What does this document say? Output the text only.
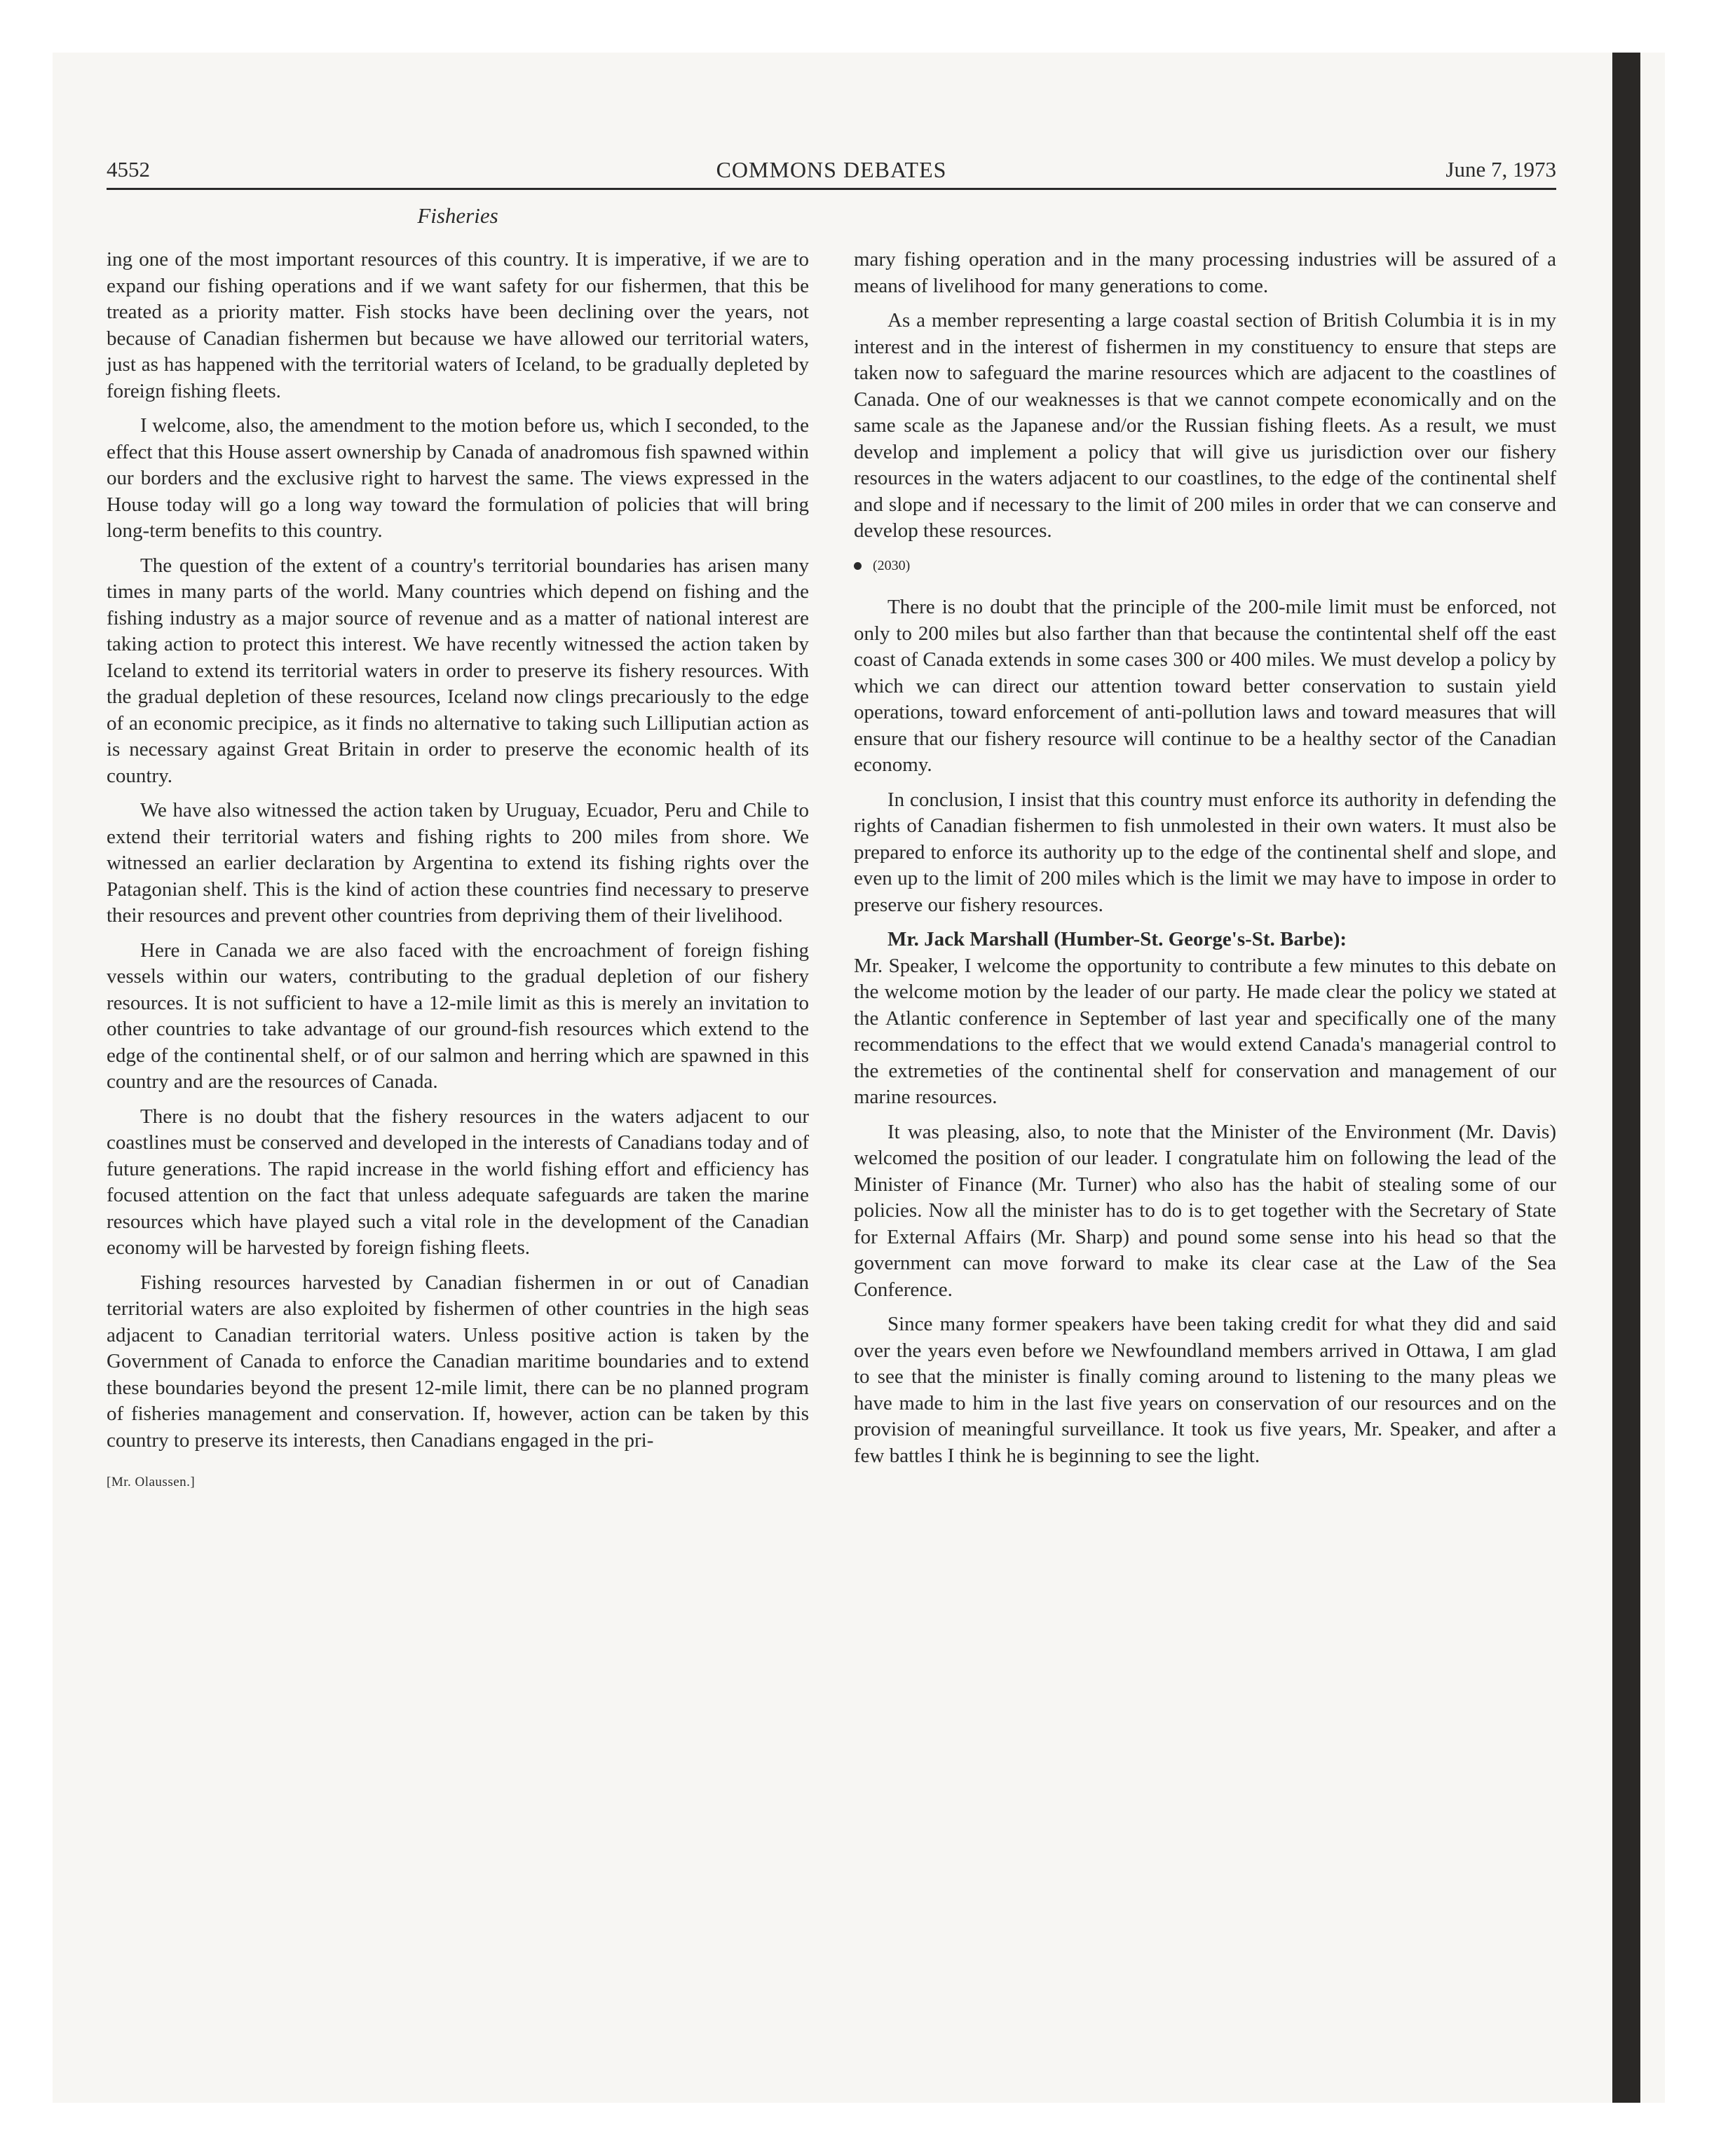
4552	COMMONS DEBATES	June 7, 1973
Fisheries

ing one of the most important resources of this country. It is imperative, if we are to expand our fishing operations and if we want safety for our fishermen, that this be treated as a priority matter. Fish stocks have been declining over the years, not because of Canadian fishermen but because we have allowed our territorial waters, just as has happened with the territorial waters of Iceland, to be gradually depleted by foreign fishing fleets.

I welcome, also, the amendment to the motion before us, which I seconded, to the effect that this House assert ownership by Canada of anadromous fish spawned within our borders and the exclusive right to harvest the same. The views expressed in the House today will go a long way toward the formulation of policies that will bring long-term benefits to this country.

The question of the extent of a country's territorial boundaries has arisen many times in many parts of the world. Many countries which depend on fishing and the fishing industry as a major source of revenue and as a matter of national interest are taking action to protect this interest. We have recently witnessed the action taken by Iceland to extend its territorial waters in order to preserve its fishery resources. With the gradual depletion of these resources, Iceland now clings precariously to the edge of an economic precipice, as it finds no alternative to taking such Lilliputian action as is necessary against Great Britain in order to preserve the economic health of its country.

We have also witnessed the action taken by Uruguay, Ecuador, Peru and Chile to extend their territorial waters and fishing rights to 200 miles from shore. We witnessed an earlier declaration by Argentina to extend its fishing rights over the Patagonian shelf. This is the kind of action these countries find necessary to preserve their resources and prevent other countries from depriving them of their livelihood.

Here in Canada we are also faced with the encroachment of foreign fishing vessels within our waters, contributing to the gradual depletion of our fishery resources. It is not sufficient to have a 12-mile limit as this is merely an invitation to other countries to take advantage of our ground-fish resources which extend to the edge of the continental shelf, or of our salmon and herring which are spawned in this country and are the resources of Canada.

There is no doubt that the fishery resources in the waters adjacent to our coastlines must be conserved and developed in the interests of Canadians today and of future generations. The rapid increase in the world fishing effort and efficiency has focused attention on the fact that unless adequate safeguards are taken the marine resources which have played such a vital role in the development of the Canadian economy will be harvested by foreign fishing fleets.

Fishing resources harvested by Canadian fishermen in or out of Canadian territorial waters are also exploited by fishermen of other countries in the high seas adjacent to Canadian territorial waters. Unless positive action is taken by the Government of Canada to enforce the Canadian maritime boundaries and to extend these boundaries beyond the present 12-mile limit, there can be no planned program of fisheries management and conservation. If, however, action can be taken by this country to preserve its interests, then Canadians engaged in the pri-

[Mr. Olaussen.]

mary fishing operation and in the many processing industries will be assured of a means of livelihood for many generations to come.

As a member representing a large coastal section of British Columbia it is in my interest and in the interest of fishermen in my constituency to ensure that steps are taken now to safeguard the marine resources which are adjacent to the coastlines of Canada. One of our weaknesses is that we cannot compete economically and on the same scale as the Japanese and/or the Russian fishing fleets. As a result, we must develop and implement a policy that will give us jurisdiction over our fishery resources in the waters adjacent to our coastlines, to the edge of the continental shelf and slope and if necessary to the limit of 200 miles in order that we can conserve and develop these resources.

(2030)

There is no doubt that the principle of the 200-mile limit must be enforced, not only to 200 miles but also farther than that because the contintental shelf off the east coast of Canada extends in some cases 300 or 400 miles. We must develop a policy by which we can direct our attention toward better conservation to sustain yield operations, toward enforcement of anti-pollution laws and toward measures that will ensure that our fishery resource will continue to be a healthy sector of the Canadian economy.

In conclusion, I insist that this country must enforce its authority in defending the rights of Canadian fishermen to fish unmolested in their own waters. It must also be prepared to enforce its authority up to the edge of the continental shelf and slope, and even up to the limit of 200 miles which is the limit we may have to impose in order to preserve our fishery resources.

Mr. Jack Marshall (Humber-St. George's-St. Barbe):
Mr. Speaker, I welcome the opportunity to contribute a few minutes to this debate on the welcome motion by the leader of our party. He made clear the policy we stated at the Atlantic conference in September of last year and specifically one of the many recommendations to the effect that we would extend Canada's managerial control to the extremeties of the continental shelf for conservation and management of our marine resources.

It was pleasing, also, to note that the Minister of the Environment (Mr. Davis) welcomed the position of our leader. I congratulate him on following the lead of the Minister of Finance (Mr. Turner) who also has the habit of stealing some of our policies. Now all the minister has to do is to get together with the Secretary of State for External Affairs (Mr. Sharp) and pound some sense into his head so that the government can move forward to make its clear case at the Law of the Sea Conference.

Since many former speakers have been taking credit for what they did and said over the years even before we Newfoundland members arrived in Ottawa, I am glad to see that the minister is finally coming around to listening to the many pleas we have made to him in the last five years on conservation of our resources and on the provision of meaningful surveillance. It took us five years, Mr. Speaker, and after a few battles I think he is beginning to see the light.
